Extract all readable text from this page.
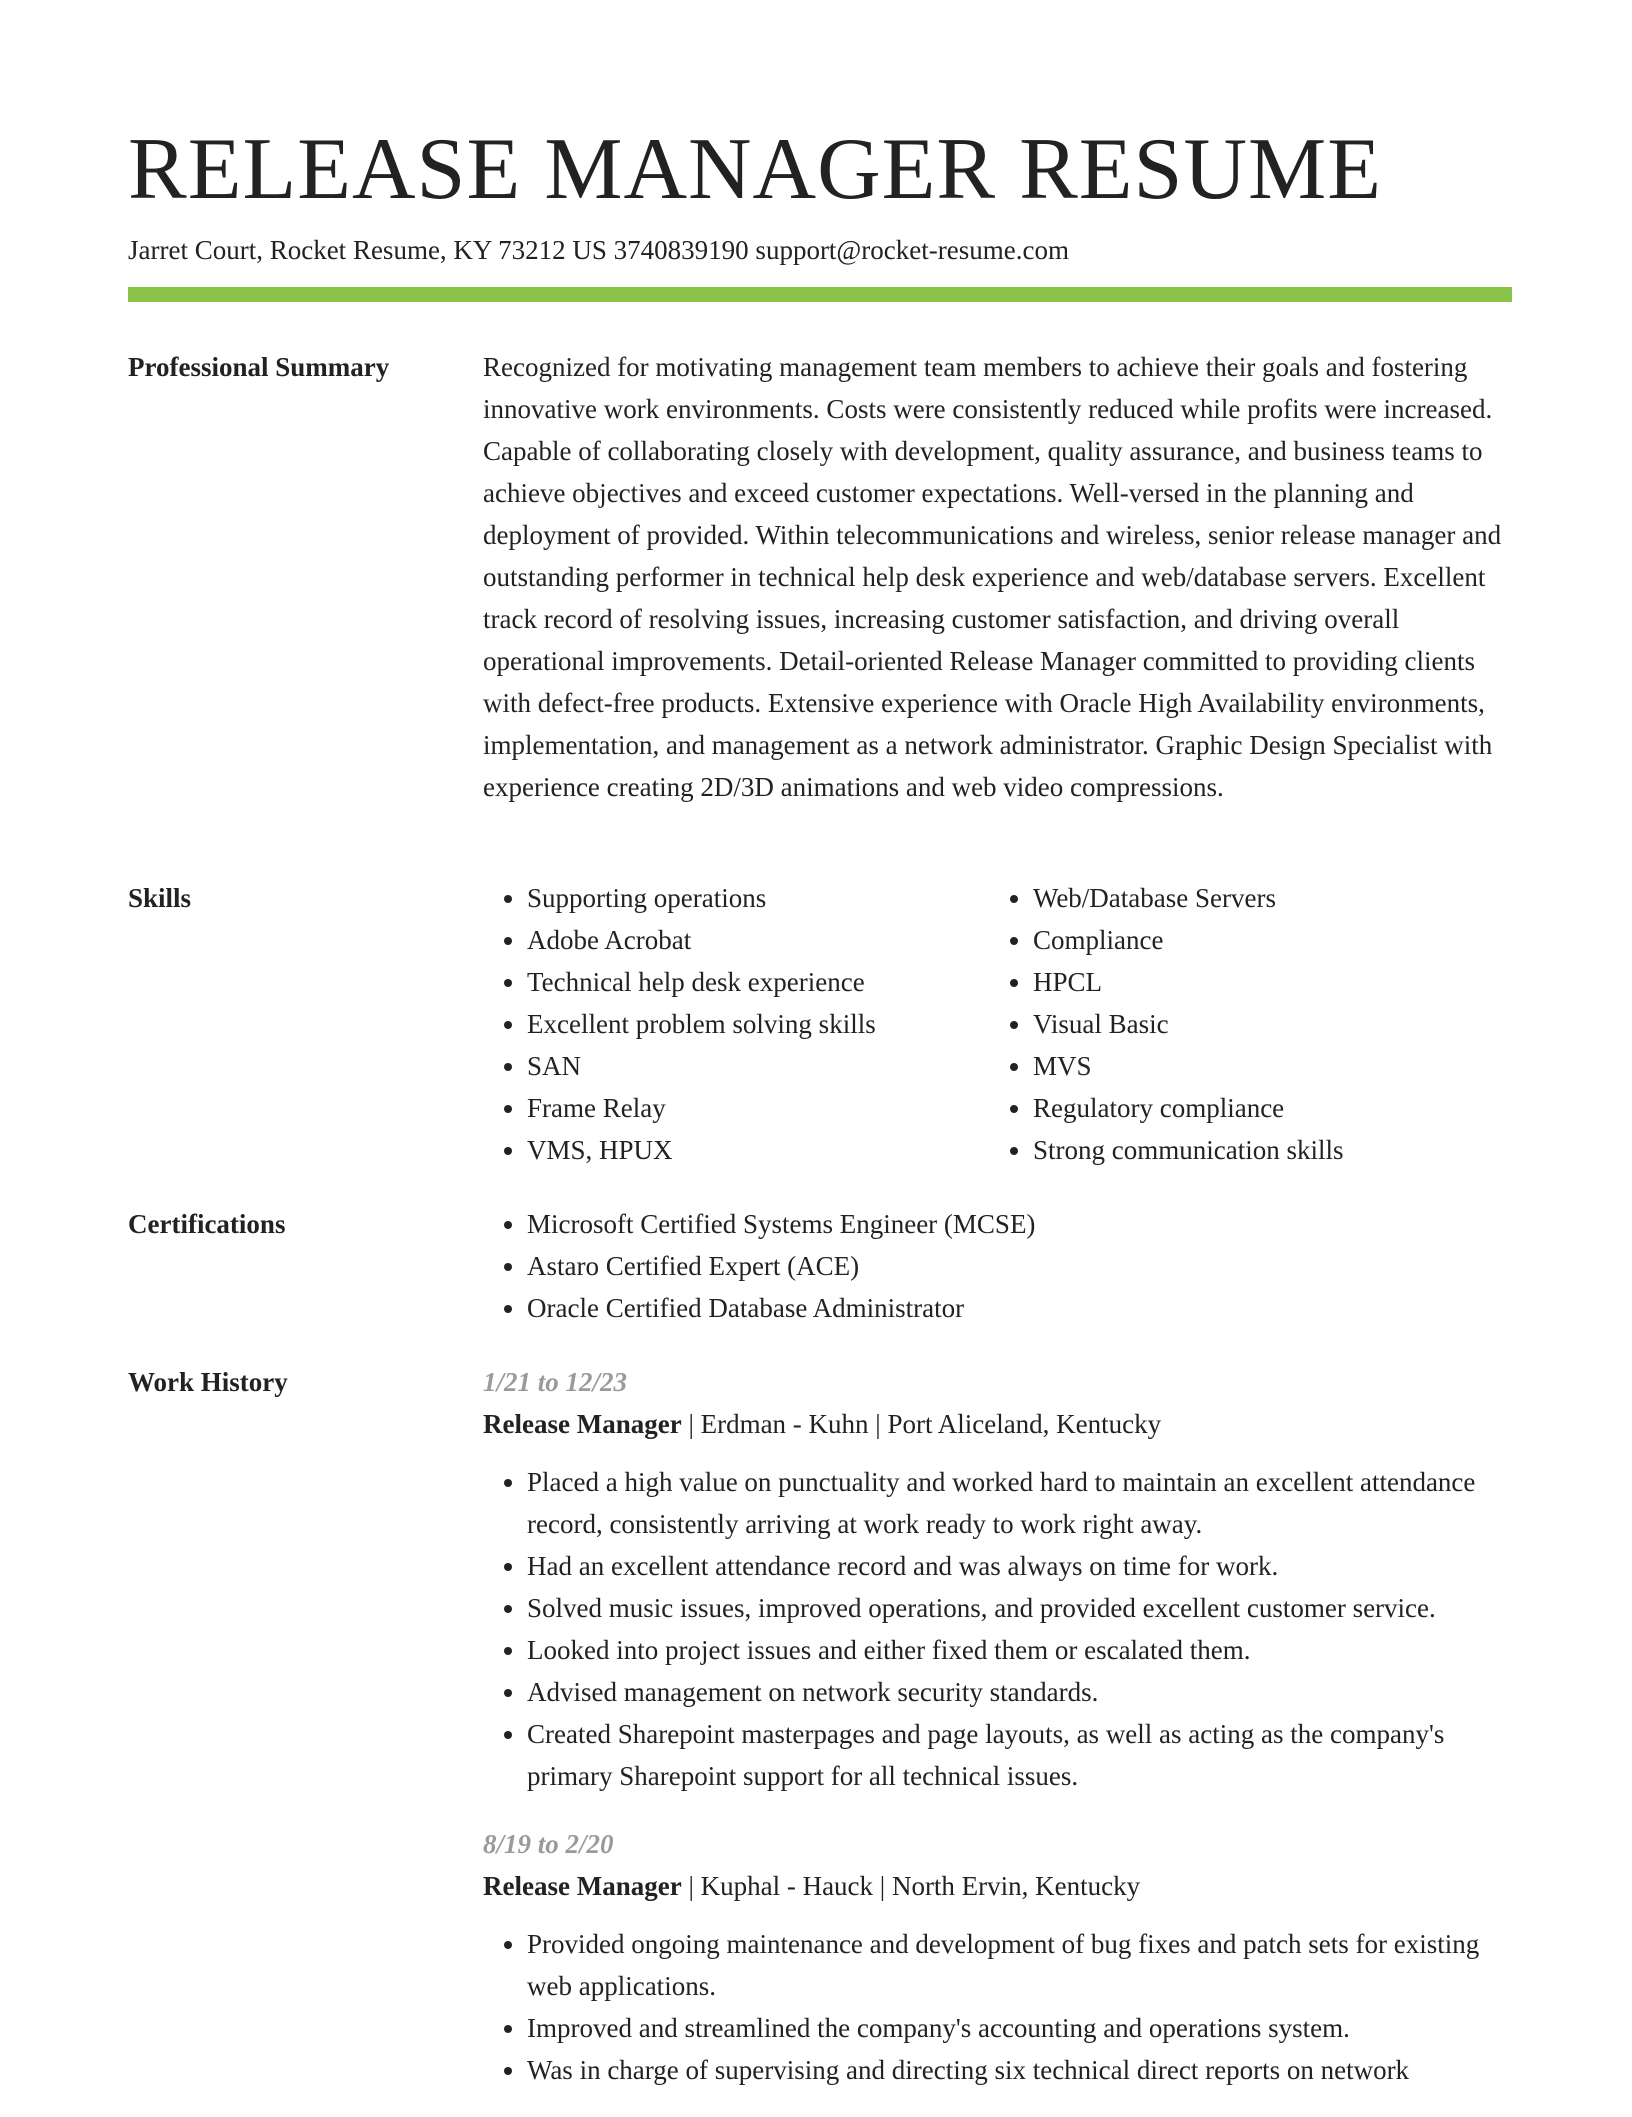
RELEASE MANAGER RESUME
Jarret Court, Rocket Resume, KY 73212 US 3740839190 support@rocket-resume.com
Professional Summary	Recognized for motivating management team members to achieve their goals and fostering innovative work environments. Costs were consistently reduced while profits were increased. Capable of collaborating closely with development, quality assurance, and business teams to achieve objectives and exceed customer expectations. Well-versed in the planning and deployment of provided. Within telecommunications and wireless, senior release manager and outstanding performer in technical help desk experience and web/database servers. Excellent track record of resolving issues, increasing customer satisfaction, and driving overall operational improvements. Detail-oriented Release Manager committed to providing clients with defect-free products. Extensive experience with Oracle High Availability environments, implementation, and management as a network administrator. Graphic Design Specialist with experience creating 2D/3D animations and web video compressions.

Skills	• Supporting operations
• Adobe Acrobat
• Technical help desk experience
• Excellent problem solving skills
• SAN
• Frame Relay
• VMS, HPUX
• Web/Database Servers
• Compliance
• HPCL
• Visual Basic
• MVS
• Regulatory compliance
• Strong communication skills
Certifications	• Microsoft Certified Systems Engineer (MCSE)
• Astaro Certified Expert (ACE)
• Oracle Certified Database Administrator
Work History	1/21 to 12/23
Release Manager | Erdman - Kuhn | Port Aliceland, Kentucky
• Placed a high value on punctuality and worked hard to maintain an excellent attendance record, consistently arriving at work ready to work right away.
• Had an excellent attendance record and was always on time for work.
• Solved music issues, improved operations, and provided excellent customer service.
• Looked into project issues and either fixed them or escalated them.
• Advised management on network security standards.
• Created Sharepoint masterpages and page layouts, as well as acting as the company's primary Sharepoint support for all technical issues.
8/19 to 2/20
Release Manager | Kuphal - Hauck | North Ervin, Kentucky
• Provided ongoing maintenance and development of bug fixes and patch sets for existing web applications.
• Improved and streamlined the company's accounting and operations system.
• Was in charge of supervising and directing six technical direct reports on network
